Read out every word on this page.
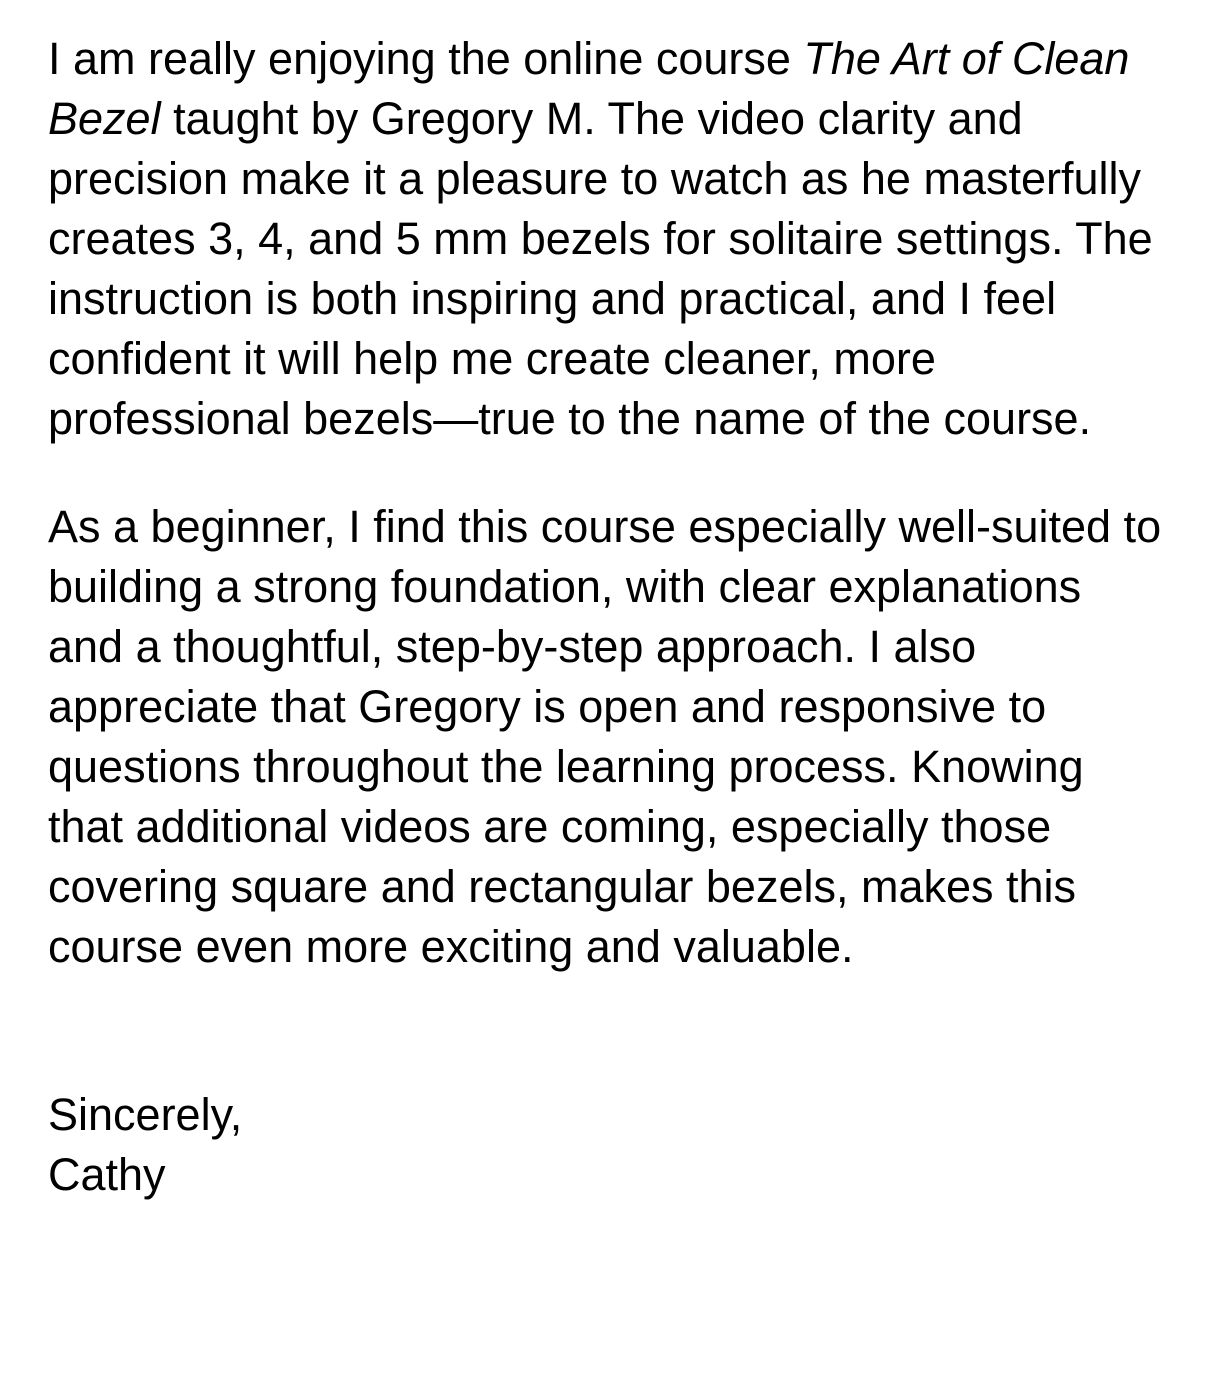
I am really enjoying the online course The Art of Clean Bezel taught by Gregory M. The video clarity and precision make it a pleasure to watch as he masterfully creates 3, 4, and 5 mm bezels for solitaire settings. The instruction is both inspiring and practical, and I feel confident it will help me create cleaner, more professional bezels—true to the name of the course.

As a beginner, I find this course especially well-suited to building a strong foundation, with clear explanations and a thoughtful, step-by-step approach. I also appreciate that Gregory is open and responsive to questions throughout the learning process. Knowing that additional videos are coming, especially those covering square and rectangular bezels, makes this course even more exciting and valuable.

Sincerely,
Cathy
